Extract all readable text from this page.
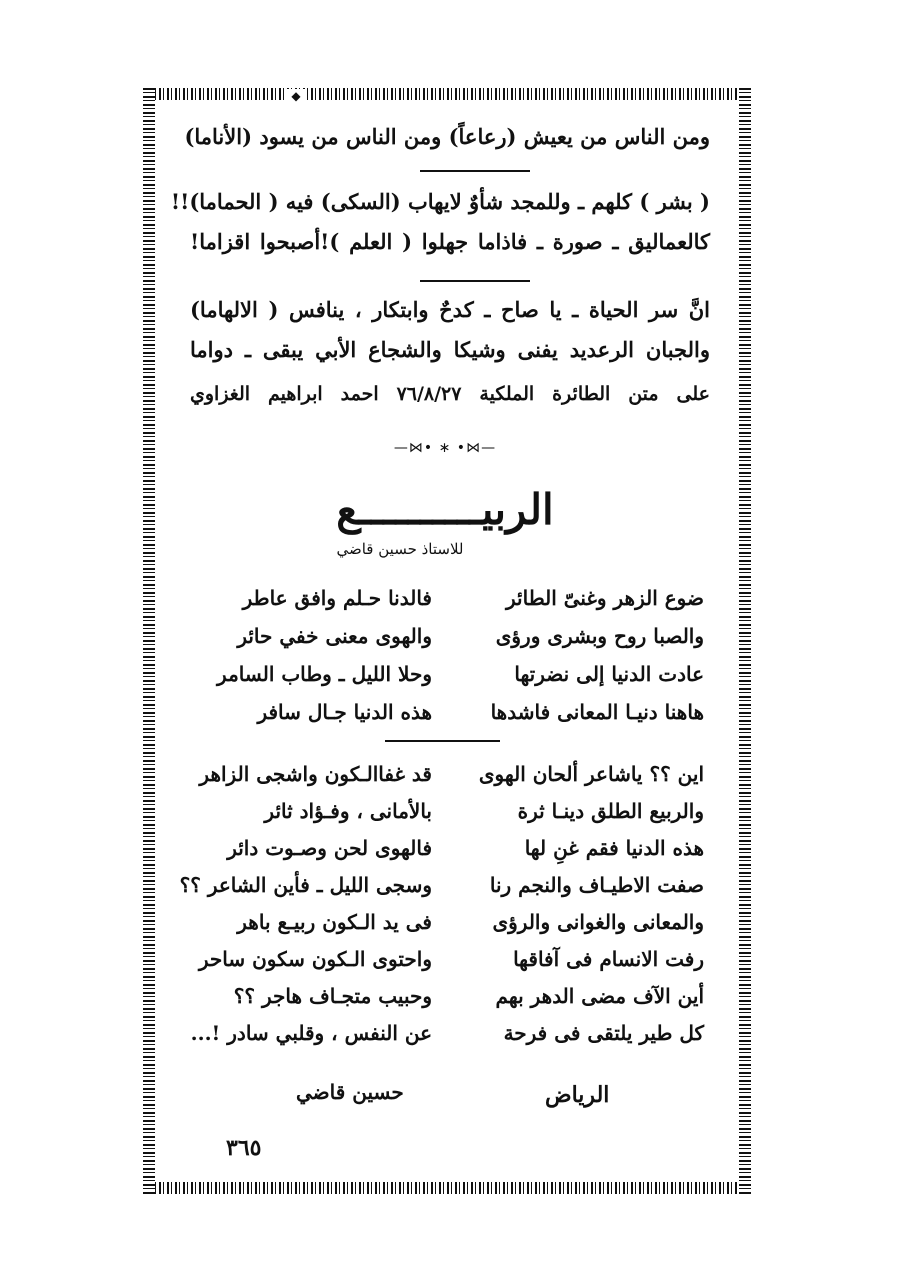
◆
ومن الناس من يعيش (رعاعاً) ومن الناس من يسود (الأناما)
( بشر ) كلهم ـ وللمجد شأوٌ لايهاب (السكى) فيه ( الحماما)!!
كالعماليق ـ صورة ـ فاذاما جهلوا ( العلم )!أصبحوا اقزاما!
انَّ سر الحياة ـ يا صاح ـ كدحٌ وابتكار ، ينافس ( الالهاما)
والجبان الرعديد يفنى وشيكا والشجاع الأبي يبقى ـ دواما
على متن الطائرة الملكية ٧٦/٨/٢٧ احمد ابراهيم الغزاوي
—⋈• ∗ •⋈—
الربيــــــــــع
للاستاذ حسين قاضي
ضوع الزهر وغنىّ الطائر
والصبا روح وبشرى ورؤى
عادت الدنيا إلى نضرتها
هاهنا دنيـا المعانى فاشدها
فالدنا حـلم وافق عاطر
والهوى معنى خفي حائر
وحلا الليل ـ وطاب السامر
هذه الدنيا جـال سافر
اين ؟؟ ياشاعر ألحان الهوى
والربيع الطلق دينـا ثرة
هذه الدنيا فقم غنِ لها
صفت الاطيـاف والنجم رنا
والمعانى والغوانى والرؤى
رفت الانسام فى آفاقها
أين الآف مضى الدهر بهم
كل طير يلتقى فى فرحة
قد غفاالـكون واشجى الزاهر
بالأمانى ، وفـؤاد ثائر
فالهوى لحن وصـوت دائر
وسجى الليل ـ فأين الشاعر ؟؟
فى يد الـكون ربيـع باهر
واحتوى الـكون سكون ساحر
وحبيب متجـاف هاجر ؟؟
عن النفس ، وقلبي سادر !...
الرياض
حسين قاضي
٣٦٥
